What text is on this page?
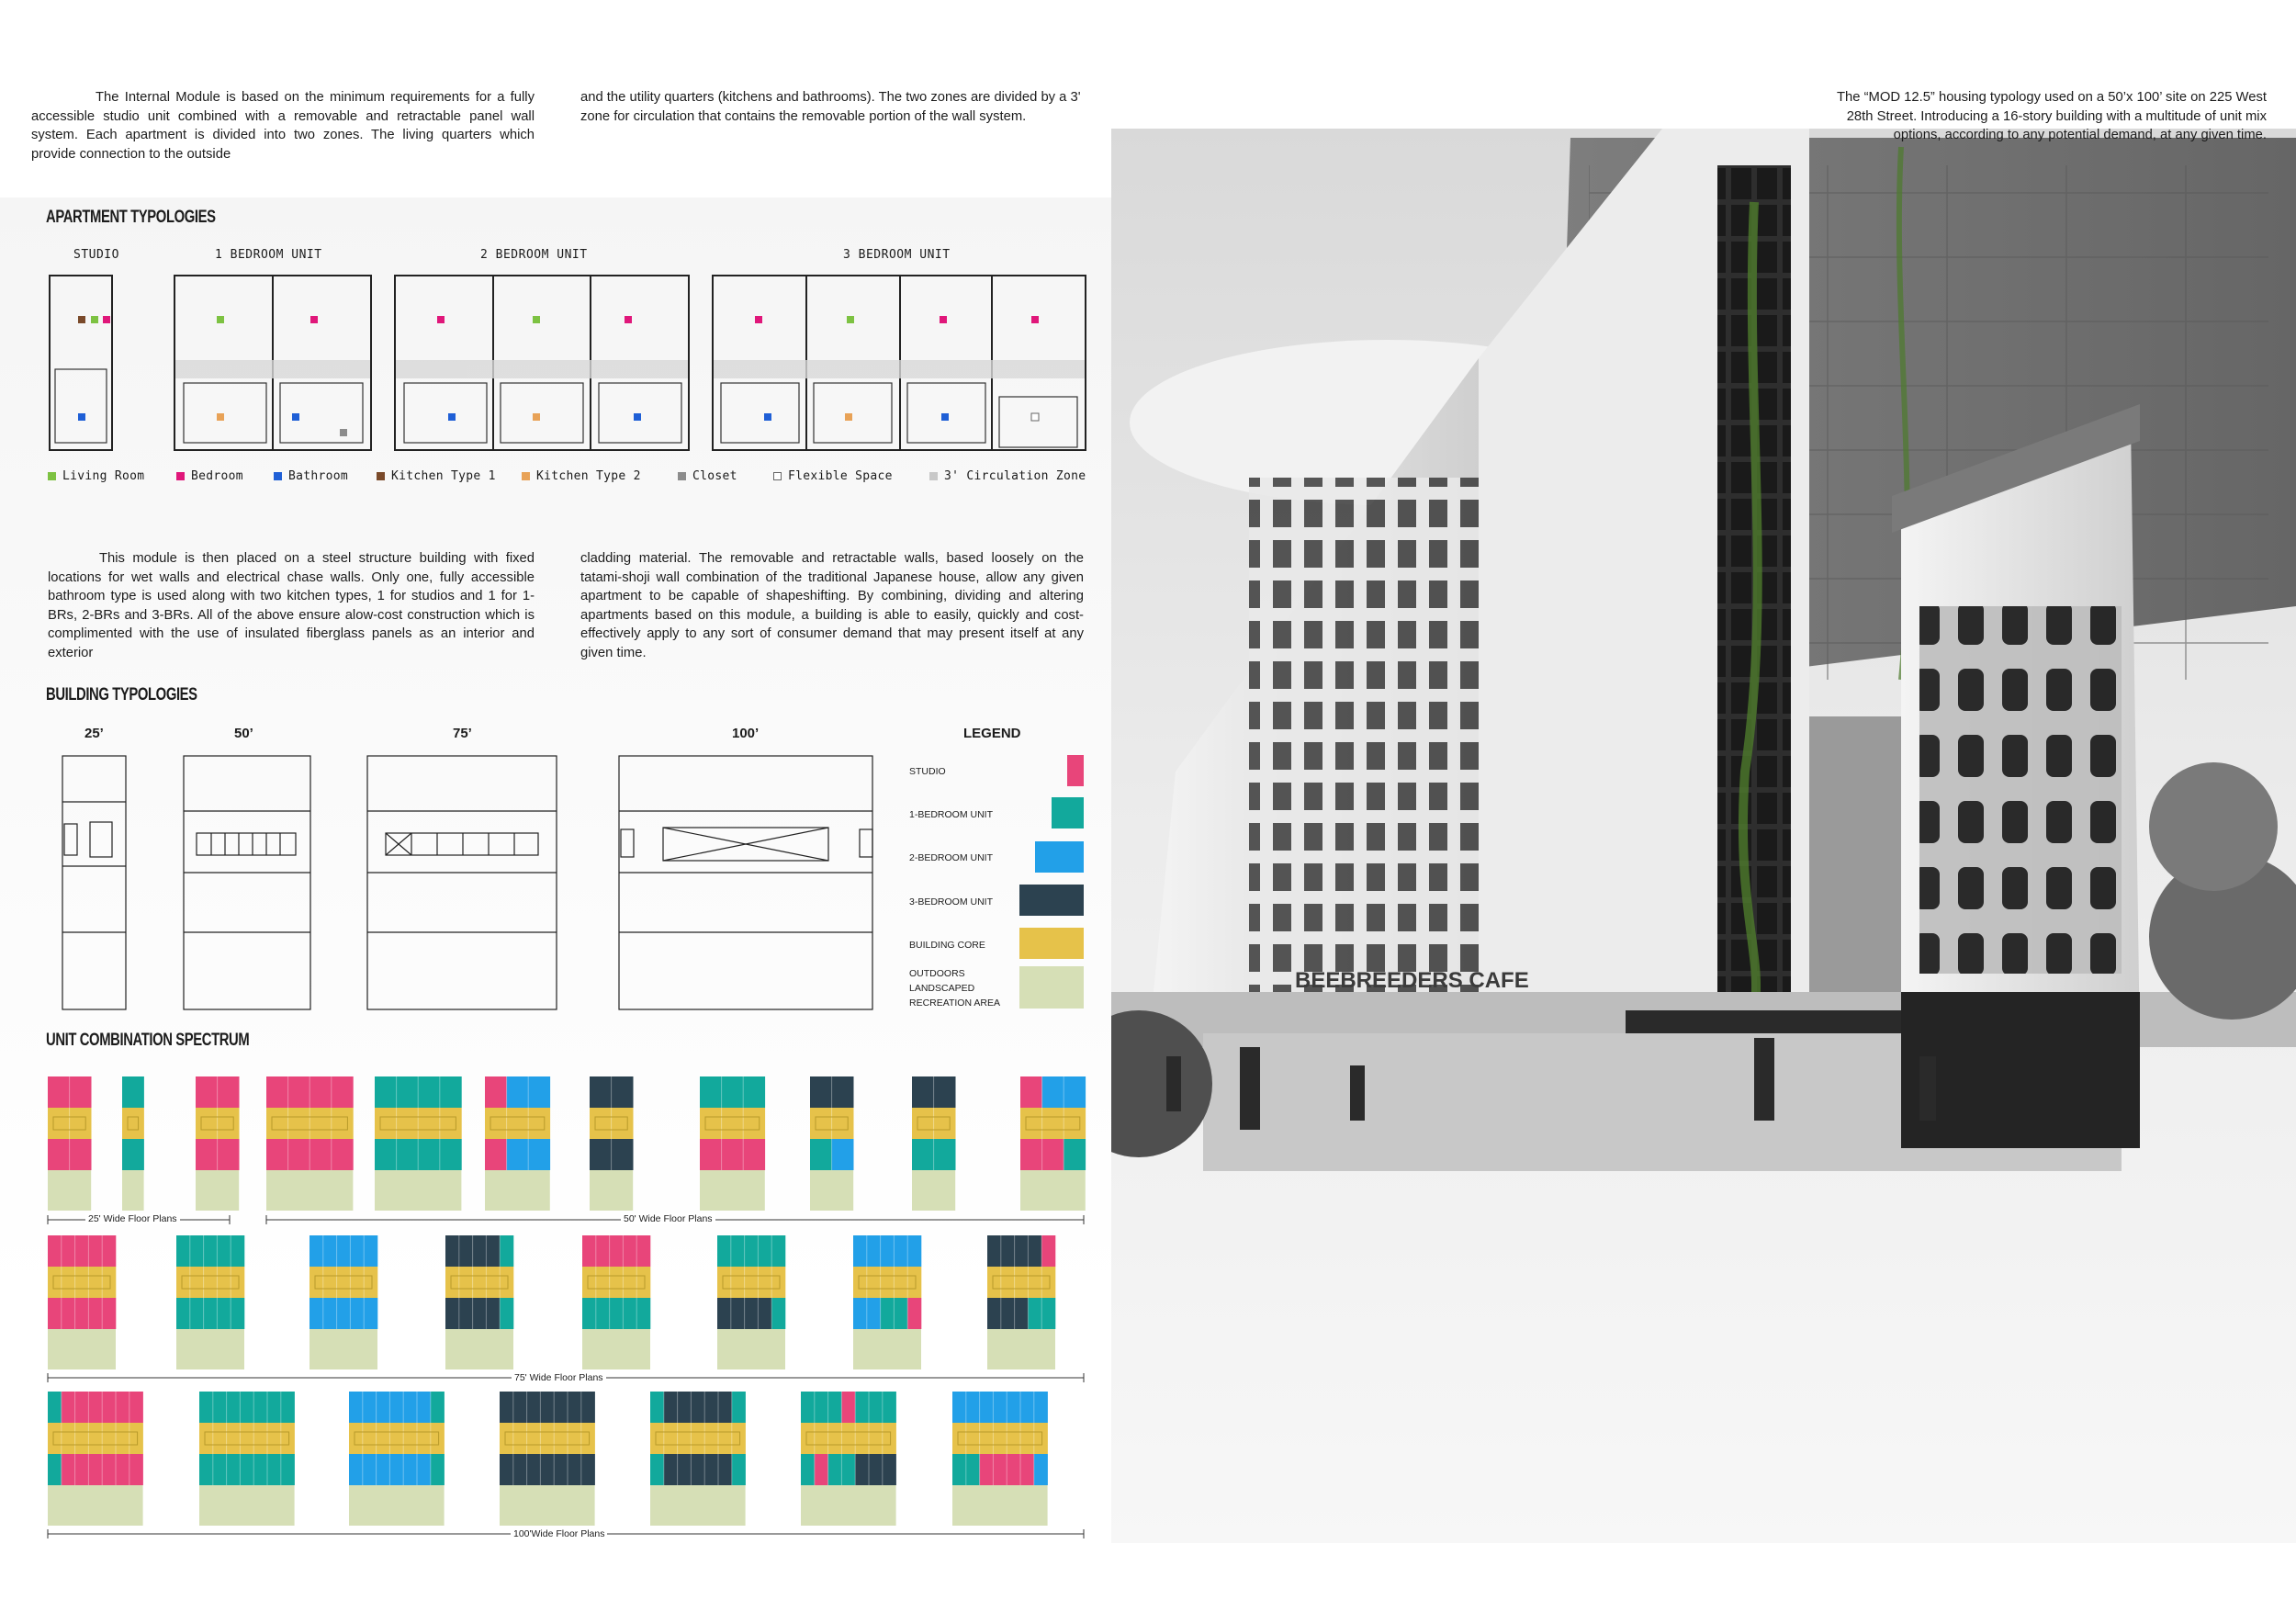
BEEBREEDERS CAFE
The Internal Module is based on the minimum requirements for a fully accessible studio unit combined with a removable and retractable panel wall system. Each apartment is divided into two zones. The living quarters which provide connection to the outside
and the utility quarters (kitchens and bathrooms). The two zones are divided by a 3' zone for circulation that contains the removable portion of the wall system.
The “MOD 12.5” housing typology used on a 50’x 100’ site on 225 West 28th Street. Introducing a 16-story building with a multitude of unit mix options, according to any potential demand, at any given time.
APARTMENT TYPOLOGIES
STUDIO	1 BEDROOM UNIT	2 BEDROOM UNIT	3 BEDROOM UNIT
Living Room	Bedroom	Bathroom	Kitchen Type 1	Kitchen Type 2	Closet	Flexible Space	3' Circulation Zone
This module is then placed on a steel structure building with fixed locations for wet walls and electrical chase walls. Only one, fully accessible bathroom type is used along with two kitchen types, 1 for studios and 1 for 1-BRs, 2-BRs and 3-BRs. All of the above ensure alow-cost construction which is complimented with the use of insulated fiberglass panels as an interior and exterior
cladding material. The removable and retractable walls, based loosely on the tatami-shoji wall combination of the traditional Japanese house, allow any given apartment to be capable of shapeshifting. By combining, dividing and altering apartments based on this module, a building is able to easily, quickly and cost-effectively apply to any sort of consumer demand that may present itself at any given time.
BUILDING TYPOLOGIES
25’	50’	75’	100’	LEGEND
STUDIO
1-BEDROOM UNIT
2-BEDROOM UNIT
3-BEDROOM UNIT
BUILDING CORE
OUTDOORS LANDSCAPED RECREATION AREA
UNIT COMBINATION SPECTRUM
25' Wide Floor Plans	50' Wide Floor Plans
75' Wide Floor Plans
100'Wide Floor Plans
